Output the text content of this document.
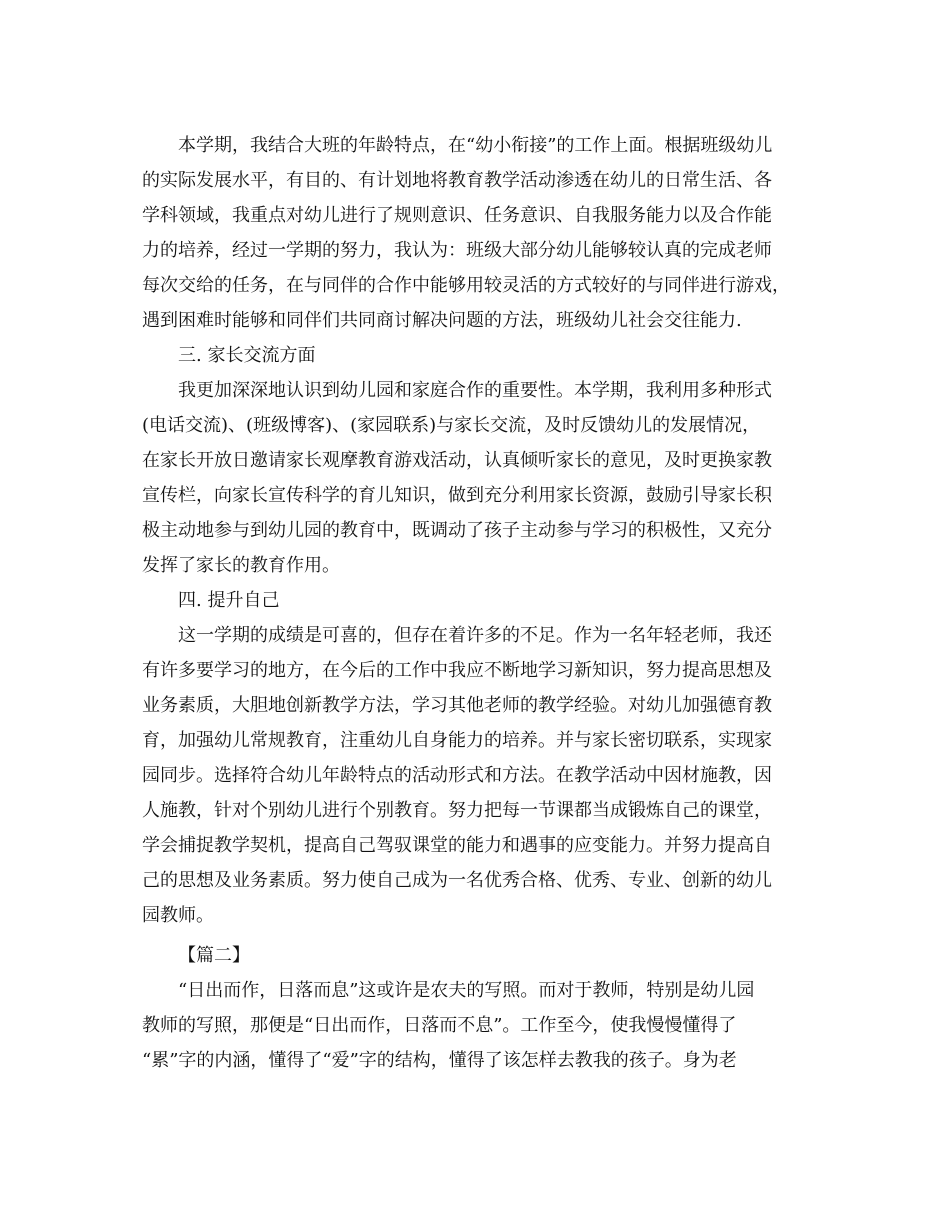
本学期，我结合大班的年龄特点，在“幼小衔接”的工作上面。根据班级幼儿
的实际发展水平，有目的、有计划地将教育教学活动渗透在幼儿的日常生活、各
学科领域，我重点对幼儿进行了规则意识、任务意识、自我服务能力以及合作能
力的培养，经过一学期的努力，我认为：班级大部分幼儿能够较认真的完成老师
每次交给的任务，在与同伴的合作中能够用较灵活的方式较好的与同伴进行游戏，
遇到困难时能够和同伴们共同商讨解决问题的方法，班级幼儿社会交往能力.
三. 家长交流方面
我更加深深地认识到幼儿园和家庭合作的重要性。本学期，我利用多种形式
(电话交流)、(班级博客)、(家园联系)与家长交流，及时反馈幼儿的发展情况，
在家长开放日邀请家长观摩教育游戏活动，认真倾听家长的意见，及时更换家教
宣传栏，向家长宣传科学的育儿知识，做到充分利用家长资源，鼓励引导家长积
极主动地参与到幼儿园的教育中，既调动了孩子主动参与学习的积极性，又充分
发挥了家长的教育作用。
四. 提升自己
这一学期的成绩是可喜的，但存在着许多的不足。作为一名年轻老师，我还
有许多要学习的地方，在今后的工作中我应不断地学习新知识，努力提高思想及
业务素质，大胆地创新教学方法，学习其他老师的教学经验。对幼儿加强德育教
育，加强幼儿常规教育，注重幼儿自身能力的培养。并与家长密切联系，实现家
园同步。选择符合幼儿年龄特点的活动形式和方法。在教学活动中因材施教，因
人施教，针对个别幼儿进行个别教育。努力把每一节课都当成锻炼自己的课堂，
学会捕捉教学契机，提高自己驾驭课堂的能力和遇事的应变能力。并努力提高自
己的思想及业务素质。努力使自己成为一名优秀合格、优秀、专业、创新的幼儿
园教师。
【篇二】
“日出而作，日落而息”这或许是农夫的写照。而对于教师，特别是幼儿园
教师的写照，那便是“日出而作，日落而不息”。工作至今，使我慢慢懂得了
“累”字的内涵，懂得了“爱”字的结构，懂得了该怎样去教我的孩子。身为老
